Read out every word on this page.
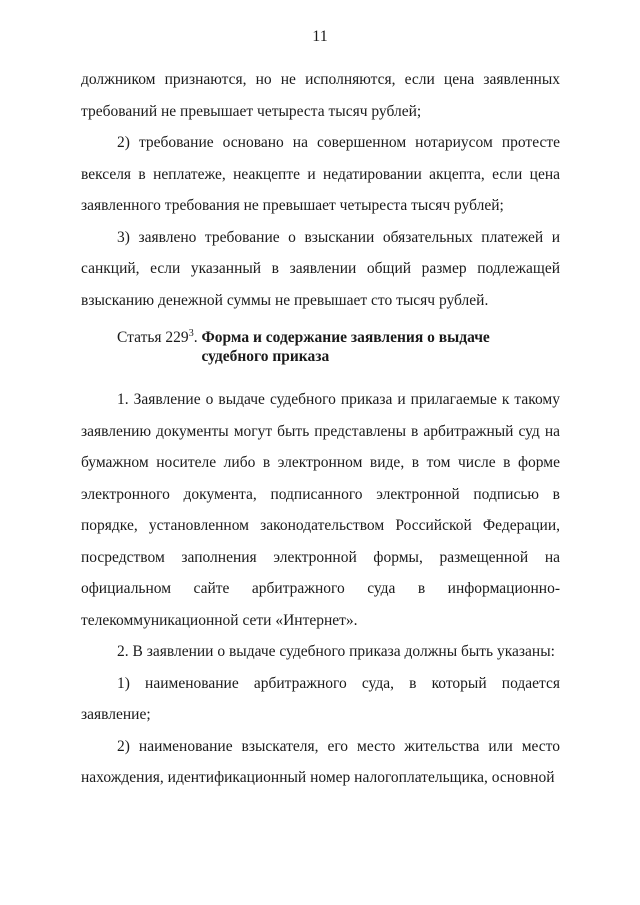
11

должником признаются, но не исполняются, если цена заявленных требований не превышает четыреста тысяч рублей;

2) требование основано на совершенном нотариусом протесте векселя в неплатеже, неакцепте и недатировании акцепта, если цена заявленного требования не превышает четыреста тысяч рублей;

3) заявлено требование о взыскании обязательных платежей и санкций, если указанный в заявлении общий размер подлежащей взысканию денежной суммы не превышает сто тысяч рублей.

Статья $229^3$. Форма и содержание заявления о выдаче судебного приказа

1. Заявление о выдаче судебного приказа и прилагаемые к такому заявлению документы могут быть представлены в арбитражный суд на бумажном носителе либо в электронном виде, в том числе в форме электронного документа, подписанного электронной подписью в порядке, установленном законодательством Российской Федерации, посредством заполнения электронной формы, размещенной на официальном сайте арбитражного суда в информационно-телекоммуникационной сети «Интернет».

2. В заявлении о выдаче судебного приказа должны быть указаны:

1) наименование арбитражного суда, в который подается заявление;

2) наименование взыскателя, его место жительства или место нахождения, идентификационный номер налогоплательщика, основной
